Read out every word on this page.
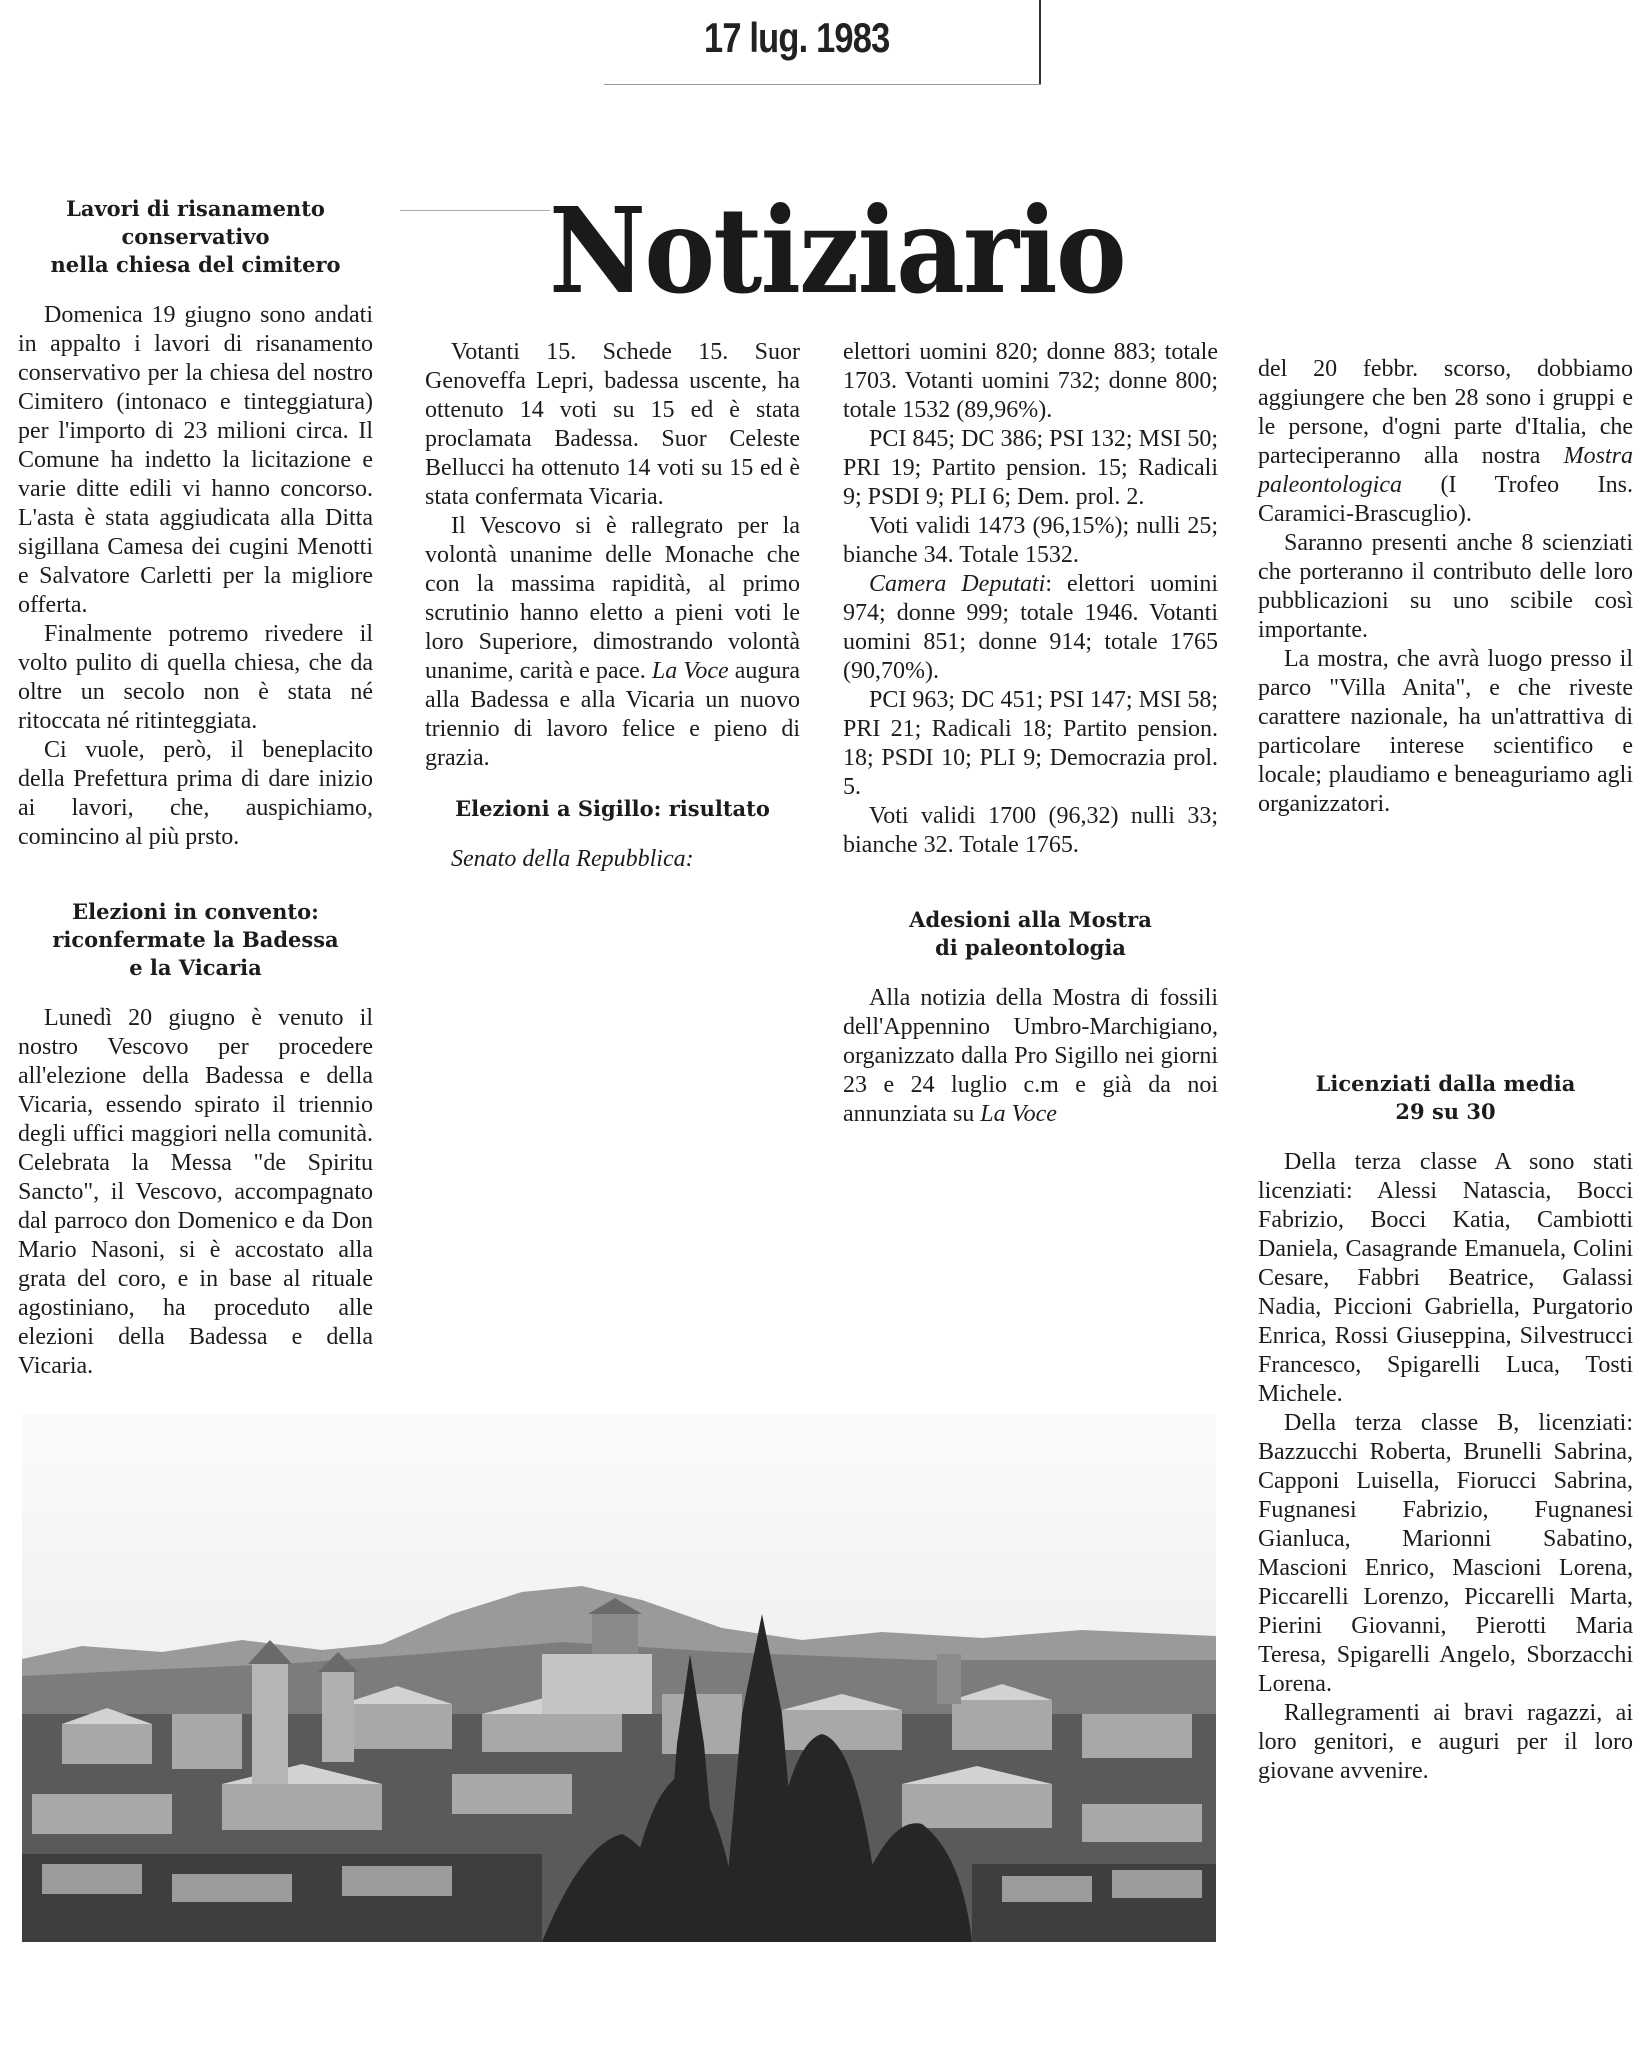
17 lug. 1983
Notiziario
Lavori di risanamento
conservativo
nella chiesa del cimitero

Domenica 19 giugno sono andati in appalto i lavori di risanamento conservativo per la chiesa del nostro Cimitero (intonaco e tinteggiatura) per l'importo di 23 milioni circa. Il Comune ha indetto la licitazione e varie ditte edili vi hanno concorso. L'asta è stata aggiudicata alla Ditta sigillana Camesa dei cugini Menotti e Salvatore Carletti per la migliore offerta.

Finalmente potremo rivedere il volto pulito di quella chiesa, che da oltre un secolo non è stata né ritoccata né ritinteggiata.

Ci vuole, però, il beneplacito della Prefettura prima di dare inizio ai lavori, che, auspichiamo, comincino al più prsto.

Elezioni in convento:
riconfermate la Badessa
e la Vicaria

Lunedì 20 giugno è venuto il nostro Vescovo per procedere all'elezione della Badessa e della Vicaria, essendo spirato il triennio degli uffici maggiori nella comunità. Celebrata la Messa "de Spiritu Sancto", il Vescovo, accompagnato dal parroco don Domenico e da Don Mario Nasoni, si è accostato alla grata del coro, e in base al rituale agostiniano, ha proceduto alle elezioni della Badessa e della Vicaria.

Votanti 15. Schede 15. Suor Genoveffa Lepri, badessa uscente, ha ottenuto 14 voti su 15 ed è stata proclamata Badessa. Suor Celeste Bellucci ha ottenuto 14 voti su 15 ed è stata confermata Vicaria.

Il Vescovo si è rallegrato per la volontà unanime delle Monache che con la massima rapidità, al primo scrutinio hanno eletto a pieni voti le loro Superiore, dimostrando volontà unanime, carità e pace. La Voce augura alla Badessa e alla Vicaria un nuovo triennio di lavoro felice e pieno di grazia.

Elezioni a Sigillo: risultato

Senato della Repubblica:

elettori uomini 820; donne 883; totale 1703. Votanti uomini 732; donne 800; totale 1532 (89,96%).

PCI 845; DC 386; PSI 132; MSI 50; PRI 19; Partito pension. 15; Radicali 9; PSDI 9; PLI 6; Dem. prol. 2.

Voti validi 1473 (96,15%); nulli 25; bianche 34. Totale 1532.

Camera Deputati: elettori uomini 974; donne 999; totale 1946. Votanti uomini 851; donne 914; totale 1765 (90,70%).

PCI 963; DC 451; PSI 147; MSI 58; PRI 21; Radicali 18; Partito pension. 18; PSDI 10; PLI 9; Democrazia prol. 5.

Voti validi 1700 (96,32) nulli 33; bianche 32. Totale 1765.

Adesioni alla Mostra
di paleontologia

Alla notizia della Mostra di fossili dell'Appennino Umbro-Marchigiano, organizzato dalla Pro Sigillo nei giorni 23 e 24 luglio c.m e già da noi annunziata su La Voce

del 20 febbr. scorso, dobbiamo aggiungere che ben 28 sono i gruppi e le persone, d'ogni parte d'Italia, che parteciperanno alla nostra Mostra paleontologica (I Trofeo Ins. Caramici-Brascuglio).

Saranno presenti anche 8 scienziati che porteranno il contributo delle loro pubblicazioni su uno scibile così importante.

La mostra, che avrà luogo presso il parco "Villa Anita", e che riveste carattere nazionale, ha un'attrattiva di particolare interese scientifico e locale; plaudiamo e beneaguriamo agli organizzatori.

Licenziati dalla media
29 su 30

Della terza classe A sono stati licenziati: Alessi Natascia, Bocci Fabrizio, Bocci Katia, Cambiotti Daniela, Casagrande Emanuela, Colini Cesare, Fabbri Beatrice, Galassi Nadia, Piccioni Gabriella, Purgatorio Enrica, Rossi Giuseppina, Silvestrucci Francesco, Spigarelli Luca, Tosti Michele.

Della terza classe B, licenziati: Bazzucchi Roberta, Brunelli Sabrina, Capponi Luisella, Fiorucci Sabrina, Fugnanesi Fabrizio, Fugnanesi Gianluca, Marionni Sabatino, Mascioni Enrico, Mascioni Lorena, Piccarelli Lorenzo, Piccarelli Marta, Pierini Giovanni, Pierotti Maria Teresa, Spigarelli Angelo, Sborzacchi Lorena.

Rallegramenti ai bravi ragazzi, ai loro genitori, e auguri per il loro giovane avvenire.
